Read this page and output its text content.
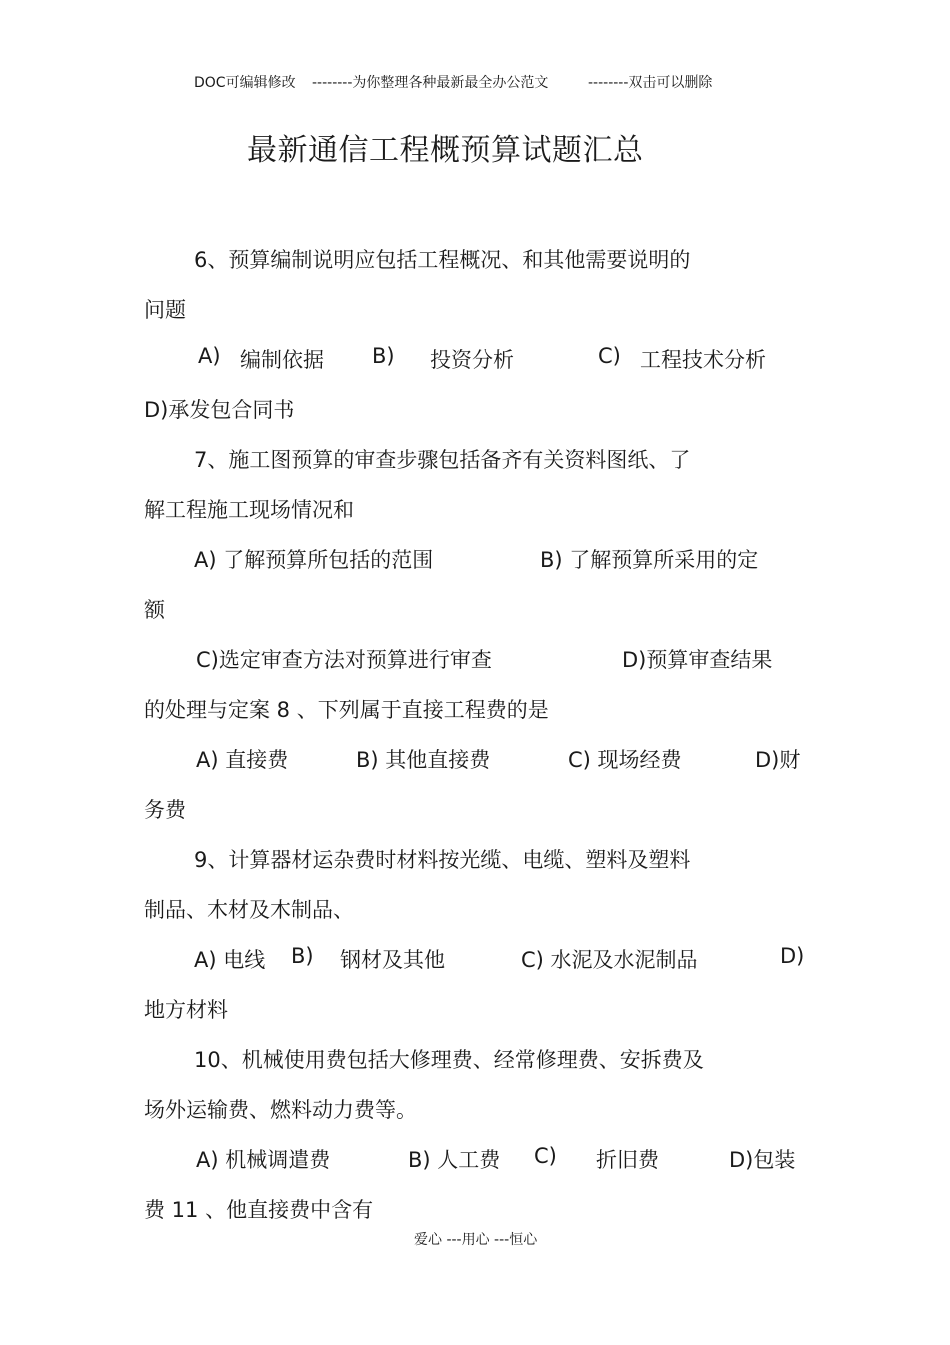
DOC可编辑修改 --------为你整理各种最新最全办公范文	--------双击可以删除
最新通信工程概预算试题汇总
6、预算编制说明应包括工程概况、和其他需要说明的
问题
A) 编制依据 B) 投资分析	C) 工程技术分析
D)承发包合同书
7、施工图预算的审查步骤包括备齐有关资料图纸、了
解工程施工现场情况和
A) 了解预算所包括的范围	B) 了解预算所采用的定
额
C)选定审查方法对预算进行审查	D)预算审查结果
的处理与定案 8 、下列属于直接工程费的是
A) 直接费	B) 其他直接费	C) 现场经费	D)财
务费
9、计算器材运杂费时材料按光缆、电缆、塑料及塑料
制品、木材及木制品、
A) 电线 B) 钢材及其他	C) 水泥及水泥制品	D)
地方材料
10、机械使用费包括大修理费、经常修理费、安拆费及
场外运输费、燃料动力费等。
A) 机械调遣费	B) 人工费 C) 折旧费	D)包装
费 11 、他直接费中含有
爱心 ---用心 ---恒心
